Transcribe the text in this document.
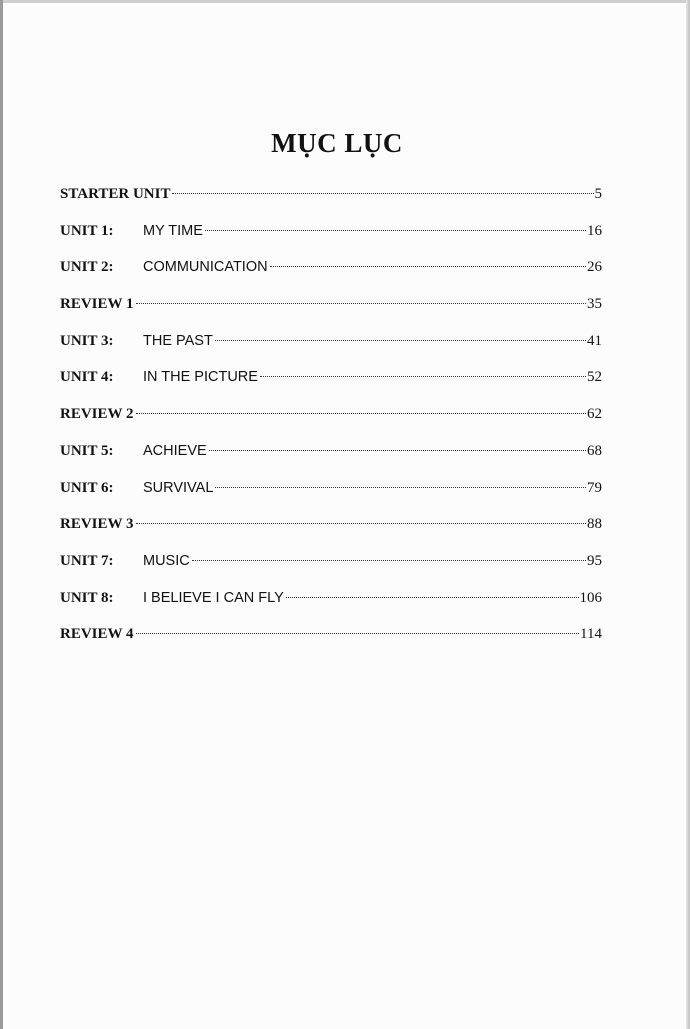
MỤC LỤC
STARTER UNIT	5
UNIT 1:	MY TIME	16
UNIT 2:	COMMUNICATION	26
REVIEW 1	35
UNIT 3:	THE PAST	41
UNIT 4:	IN THE PICTURE	52
REVIEW 2	62
UNIT 5:	ACHIEVE	68
UNIT 6:	SURVIVAL	79
REVIEW 3	88
UNIT 7:	MUSIC	95
UNIT 8:	I BELIEVE I CAN FLY	106
REVIEW 4	114
